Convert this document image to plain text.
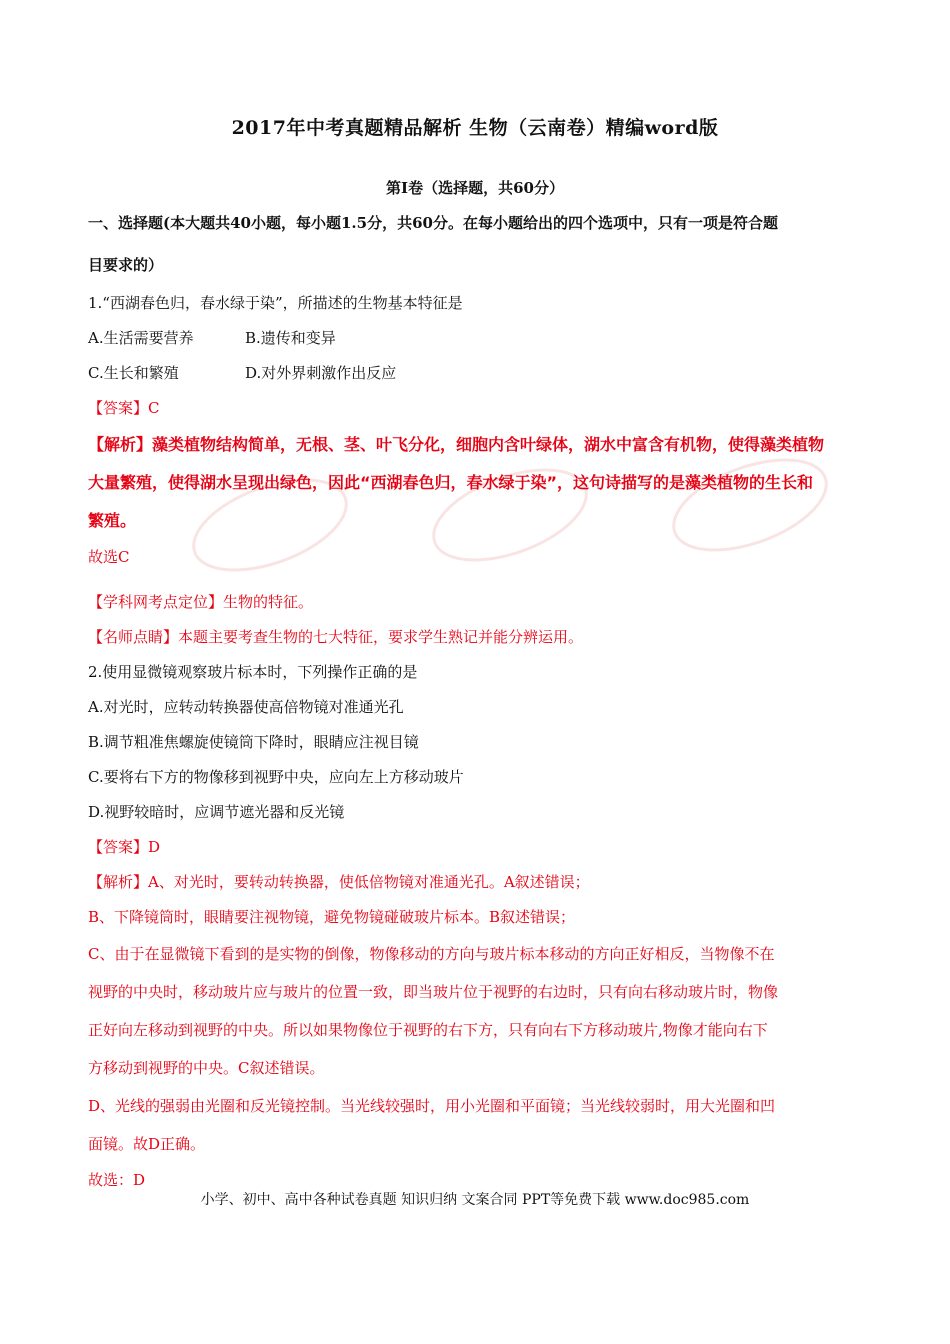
2017年中考真题精品解析 生物（云南卷）精编word版
第Ⅰ卷（选择题，共60分）
一、选择题(本大题共40小题，每小题1.5分，共60分。在每小题给出的四个选项中，只有一项是符合题
目要求的）
1.“西湖春色归，春水绿于染”，所描述的生物基本特征是
A.生活需要营养	B.遗传和变异
C.生长和繁殖	D.对外界刺激作出反应
【答案】C
【解析】藻类植物结构简单，无根、茎、叶飞分化，细胞内含叶绿体，湖水中富含有机物，使得藻类植物
大量繁殖，使得湖水呈现出绿色，因此“西湖春色归，春水绿于染”，这句诗描写的是藻类植物的生长和
繁殖。
故选C
【学科网考点定位】生物的特征。
【名师点睛】本题主要考查生物的七大特征，要求学生熟记并能分辨运用。
2.使用显微镜观察玻片标本时，下列操作正确的是
A.对光时，应转动转换器使高倍物镜对准通光孔
B.调节粗准焦螺旋使镜筒下降时，眼睛应注视目镜
C.要将右下方的物像移到视野中央，应向左上方移动玻片
D.视野较暗时，应调节遮光器和反光镜
【答案】D
【解析】A、对光时，要转动转换器，使低倍物镜对准通光孔。A叙述错误；
B、下降镜筒时，眼睛要注视物镜，避免物镜碰破玻片标本。B叙述错误；
C、由于在显微镜下看到的是实物的倒像，物像移动的方向与玻片标本移动的方向正好相反，当物像不在
视野的中央时，移动玻片应与玻片的位置一致，即当玻片位于视野的右边时，只有向右移动玻片时，物像
正好向左移动到视野的中央。所以如果物像位于视野的右下方，只有向右下方移动玻片,物像才能向右下
方移动到视野的中央。C叙述错误。
D、光线的强弱由光圈和反光镜控制。当光线较强时，用小光圈和平面镜；当光线较弱时，用大光圈和凹
面镜。故D正确。
故选：D
小学、初中、高中各种试卷真题 知识归纳 文案合同 PPT等免费下载 www.doc985.com
